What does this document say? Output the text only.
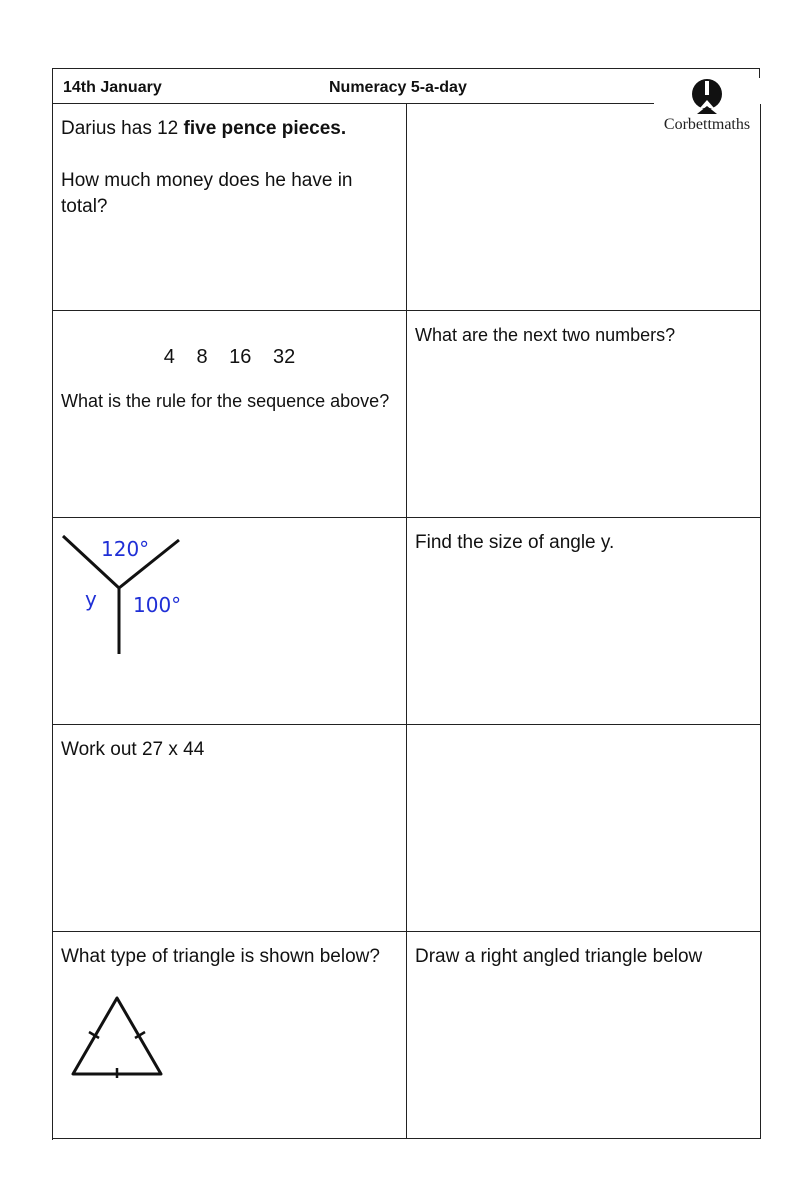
14th January	Numeracy 5-a-day
Corbettmaths
Darius has 12 five pence pieces.
How much money does he have in total?
4 8 16 32
What is the rule for the sequence above?
What are the next two numbers?
120°
100°
y
Find the size of angle y.
Work out 27 x 44
What type of triangle is shown below?	Draw a right angled triangle below
